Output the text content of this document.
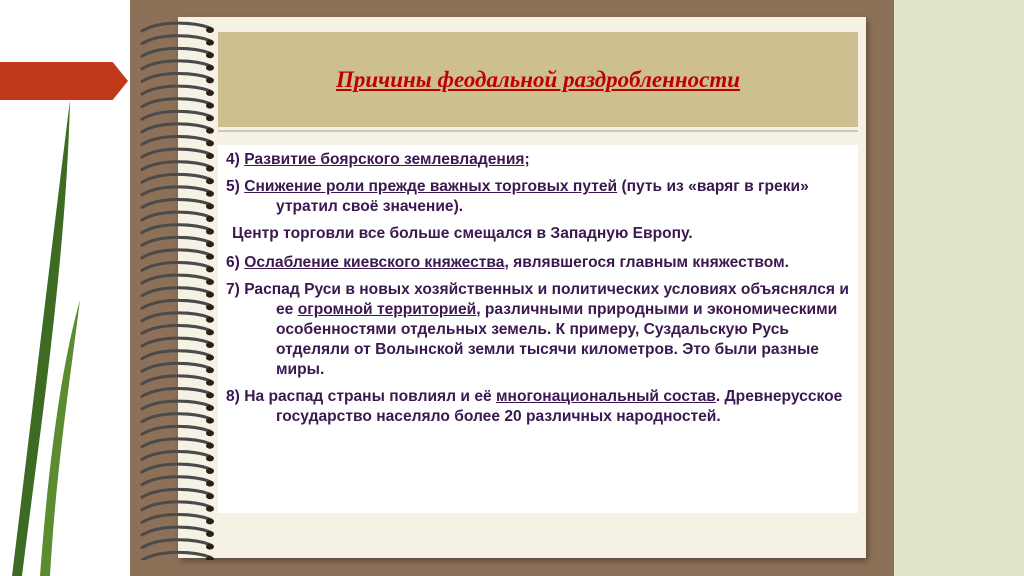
Причины феодальной раздробленности
4) Развитие боярского землевладения;
5) Снижение роли прежде важных торговых путей (путь из «варяг в греки» утратил своё значение).
Центр торговли все больше смещался в Западную Европу.
6) Ослабление киевского княжества, являвшегося главным княжеством.
7) Распад Руси в новых хозяйственных и политических условиях объяснялся и ее огромной территорией, различными природными и экономическими особенностями отдельных земель. К примеру, Суздальскую Русь отделяли от Волынской земли тысячи километров. Это были разные миры.
8) На распад страны повлиял и её многонациональный состав. Древнерусское государство населяло более 20 различных народностей.
